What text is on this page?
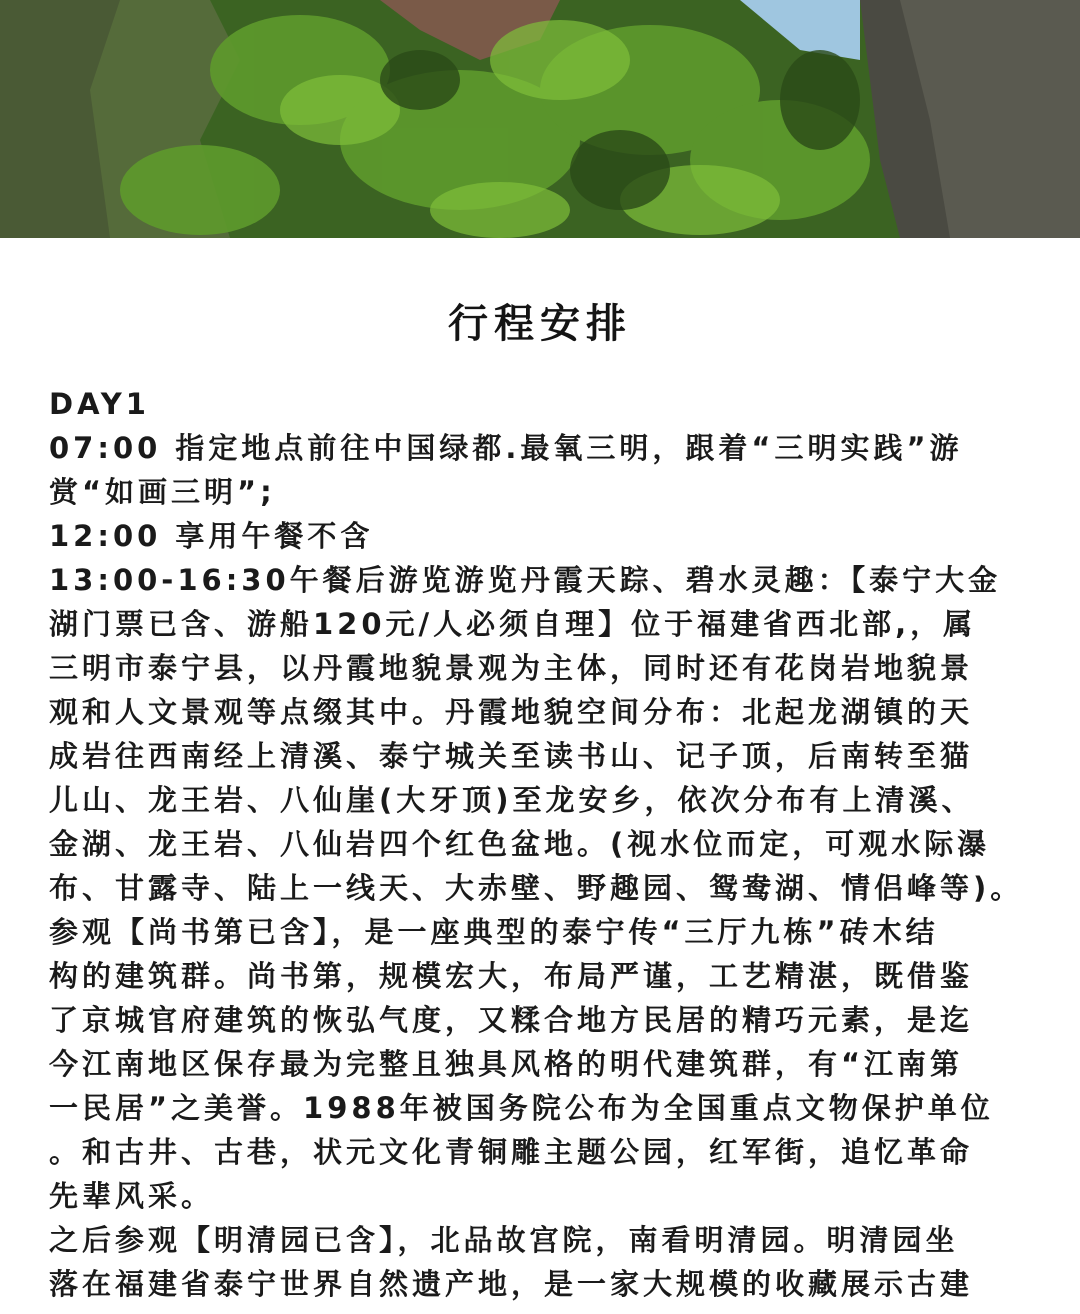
行程安排

DAY1

07:00 指定地点前往中国绿都.最氧三明，跟着“三明实践”游

赏“如画三明”;

12:00 享用午餐不含

13:00-16:30午餐后游览游览丹霞天踪、碧水灵趣：【泰宁大金

湖门票已含、游船120元/人必须自理】位于福建省西北部,，属

三明市泰宁县，以丹霞地貌景观为主体，同时还有花岗岩地貌景

观和人文景观等点缀其中。丹霞地貌空间分布：北起龙湖镇的天

成岩往西南经上清溪、泰宁城关至读书山、记子顶，后南转至猫

儿山、龙王岩、八仙崖(大牙顶)至龙安乡，依次分布有上清溪、

金湖、龙王岩、八仙岩四个红色盆地。(视水位而定，可观水际瀑

布、甘露寺、陆上一线天、大赤壁、野趣园、鸳鸯湖、情侣峰等)。

参观【尚书第已含】，是一座典型的泰宁传“三厅九栋”砖木结

构的建筑群。尚书第，规模宏大，布局严谨，工艺精湛，既借鉴

了京城官府建筑的恢弘气度，又糅合地方民居的精巧元素，是迄

今江南地区保存最为完整且独具风格的明代建筑群，有“江南第

一民居”之美誉。1988年被国务院公布为全国重点文物保护单位

。和古井、古巷，状元文化青铜雕主题公园，红军街，追忆革命

先辈风采。

之后参观【明清园已含】，北品故宫院，南看明清园。明清园坐

落在福建省泰宁世界自然遗产地，是一家大规模的收藏展示古建
